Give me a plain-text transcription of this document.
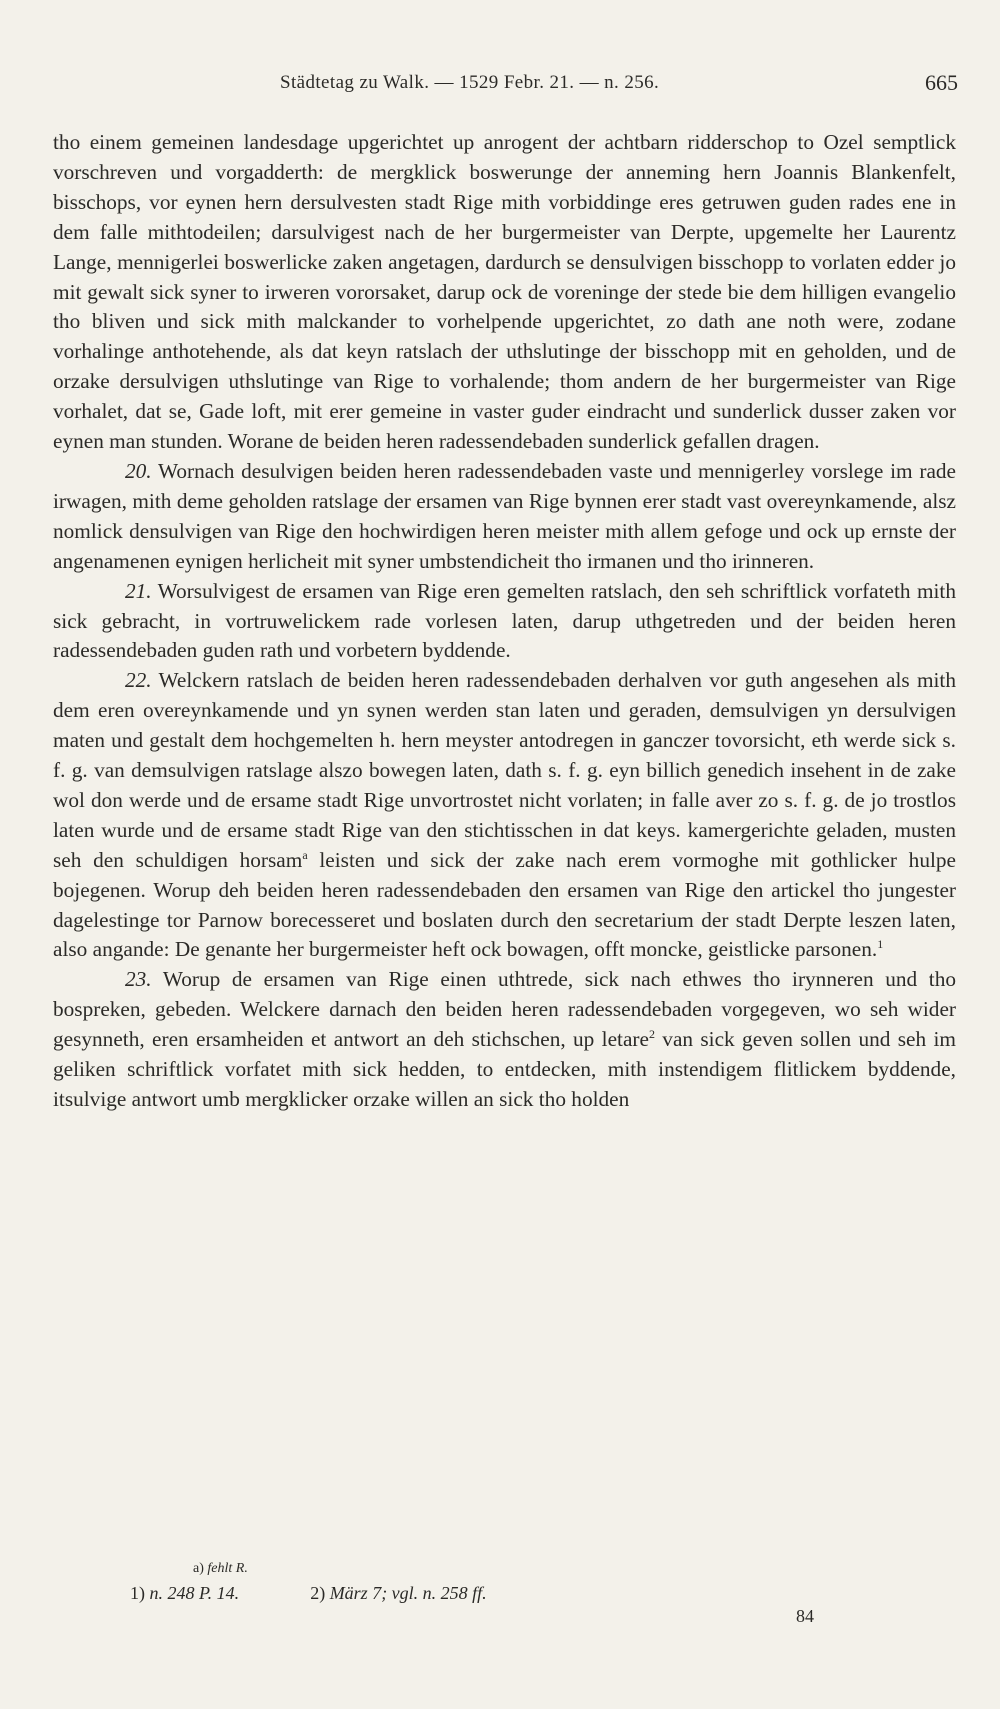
Städtetag zu Walk. — 1529 Febr. 21. — n. 256.	665

tho einem gemeinen landesdage upgerichtet up anrogent der achtbarn ridderschop to Ozel semptlick vorschreven und vorgadderth: de mergklick boswerunge der anneming hern Joannis Blankenfelt, bisschops, vor eynen hern dersulvesten stadt Rige mith vorbiddinge eres getruwen guden rades ene in dem falle mithtodeilen; darsulvigest nach de her burgermeister van Derpte, upgemelte her Laurentz Lange, mennigerlei boswerlicke zaken angetagen, dardurch se densulvigen bisschopp to vorlaten edder jo mit gewalt sick syner to irweren vororsaket, darup ock de voreninge der stede bie dem hilligen evangelio tho bliven und sick mith malckander to vorhelpende upgerichtet, zo dath ane noth were, zodane vorhalinge anthotehende, als dat keyn ratslach der uthslutinge der bisschopp mit en geholden, und de orzake dersulvigen uthslutinge van Rige to vorhalende; thom andern de her burgermeister van Rige vorhalet, dat se, Gade loft, mit erer gemeine in vaster guder eindracht und sunderlick dusser zaken vor eynen man stunden. Worane de beiden heren radessendebaden sunderlick gefallen dragen.

20. Wornach desulvigen beiden heren radessendebaden vaste und mennigerley vorslege im rade irwagen, mith deme geholden ratslage der ersamen van Rige bynnen erer stadt vast overeynkamende, alsz nomlick densulvigen van Rige den hochwirdigen heren meister mith allem gefoge und ock up ernste der angenamenen eynigen herlicheit mit syner umbstendicheit tho irmanen und tho irinneren.

21. Worsulvigest de ersamen van Rige eren gemelten ratslach, den seh schriftlick vorfateth mith sick gebracht, in vortruwelickem rade vorlesen laten, darup uthgetreden und der beiden heren radessendebaden guden rath und vorbetern byddende.

22. Welckern ratslach de beiden heren radessendebaden derhalven vor guth angesehen als mith dem eren overeynkamende und yn synen werden stan laten und geraden, demsulvigen yn dersulvigen maten und gestalt dem hochgemelten h. hern meyster antodregen in ganczer tovorsicht, eth werde sick s. f. g. van demsulvigen ratslage alszo bowegen laten, dath s. f. g. eyn billich genedich insehent in de zake wol don werde und de ersame stadt Rige unvortrostet nicht vorlaten; in falle aver zo s. f. g. de jo trostlos laten wurde und de ersame stadt Rige van den stichtisschen in dat keys. kamergerichte geladen, musten seh den schuldigen horsam$^a$ leisten und sick der zake nach erem vormoghe mit gothlicker hulpe bojegenen. Worup deh beiden heren radessendebaden den ersamen van Rige den artickel tho jungester dagelestinge tor Parnow borecesseret und boslaten durch den secretarium der stadt Derpte leszen laten, also angande: De genante her burgermeister heft ock bowagen, offt moncke, geistlicke parsonen.$^1$

23. Worup de ersamen van Rige einen uthtrede, sick nach ethwes tho irynneren und tho bospreken, gebeden. Welckere darnach den beiden heren radessendebaden vorgegeven, wo seh wider gesynneth, eren ersamheiden et antwort an deh stichschen, up letare$^2$ van sick geven sollen und seh im geliken schriftlick vorfatet mith sick hedden, to entdecken, mith instendigem flitlickem byddende, itsulvige antwort umb mergklicker orzake willen an sick tho holden

a) fehlt R.
1) n. 248 P. 14.	2) März 7; vgl. n. 258 ff.
84
